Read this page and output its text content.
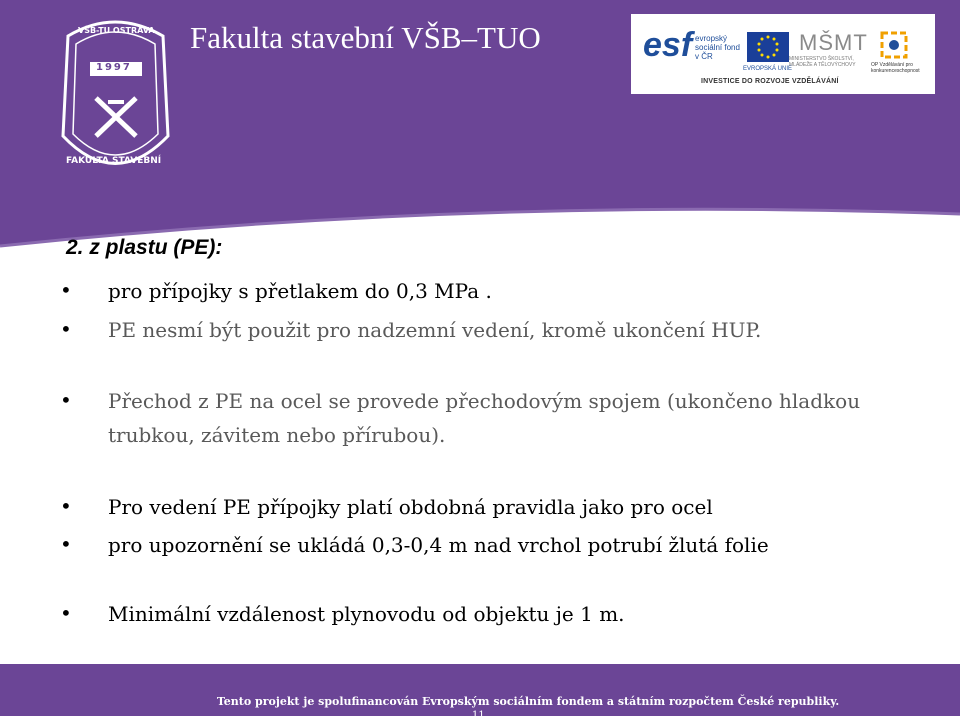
1997
VŠB-TU OSTRAVA
FAKULTA STAVEBNÍ
Fakulta stavební VŠB–TUO	esf evropský sociální fond v ČR
EVROPSKÁ UNIE
MŠMT
MINISTERSTVO ŠKOLSTVÍ, MLÁDEŽE A TĚLOVÝCHOVY	OP Vzdělávání pro konkurenceschopnost
INVESTICE DO ROZVOJE VZDĚLÁVÁNÍ
2. z plastu (PE):
• pro přípojky s přetlakem do 0,3 MPa .
• PE nesmí být použit pro nadzemní vedení, kromě ukončení HUP.
• Přechod z PE na ocel se provede přechodovým spojem (ukončeno hladkou trubkou, závitem nebo přírubou).
• Pro vedení PE přípojky platí obdobná pravidla jako pro ocel
• pro upozornění se ukládá 0,3-0,4 m nad vrchol potrubí žlutá folie
• Minimální vzdálenost plynovodu od objektu je 1 m.
Tento projekt je spolufinancován Evropským sociálním fondem a státním rozpočtem České republiky.
11
